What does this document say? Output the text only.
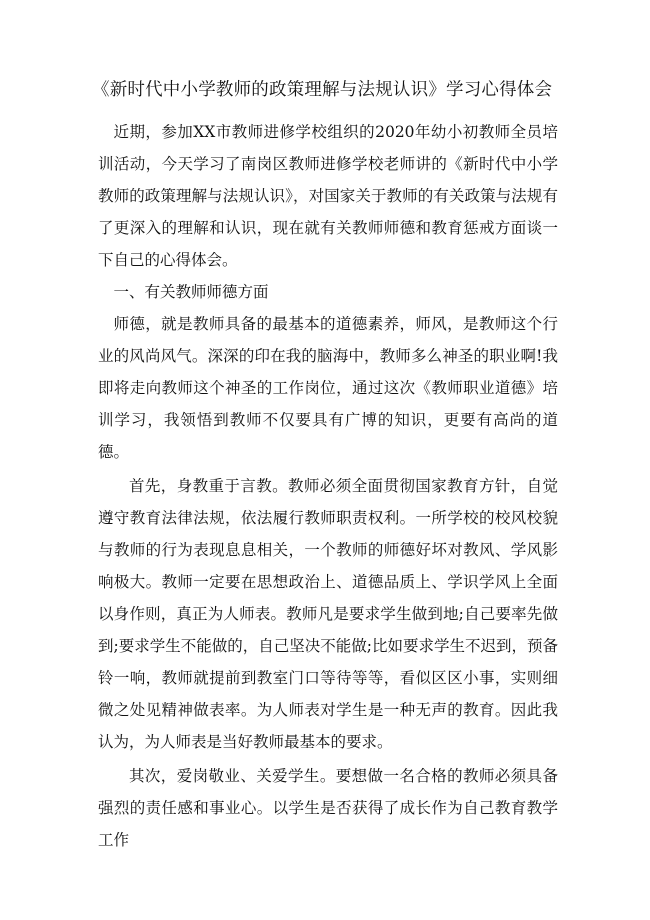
《新时代中小学教师的政策理解与法规认识》学习心得体会

近期，参加XX市教师进修学校组织的2020年幼小初教师全员培训活动，今天学习了南岗区教师进修学校老师讲的《新时代中小学教师的政策理解与法规认识》，对国家关于教师的有关政策与法规有了更深入的理解和认识，现在就有关教师师德和教育惩戒方面谈一下自己的心得体会。

一、有关教师师德方面

师德，就是教师具备的最基本的道德素养，师风，是教师这个行业的风尚风气。深深的印在我的脑海中，教师多么神圣的职业啊!我即将走向教师这个神圣的工作岗位，通过这次《教师职业道德》培训学习，我领悟到教师不仅要具有广博的知识，更要有高尚的道德。

首先，身教重于言教。教师必须全面贯彻国家教育方针，自觉遵守教育法律法规，依法履行教师职责权利。一所学校的校风校貌与教师的行为表现息息相关，一个教师的师德好坏对教风、学风影响极大。教师一定要在思想政治上、道德品质上、学识学风上全面以身作则，真正为人师表。教师凡是要求学生做到地;自己要率先做到;要求学生不能做的，自己坚决不能做;比如要求学生不迟到，预备铃一响，教师就提前到教室门口等待等等，看似区区小事，实则细微之处见精神做表率。为人师表对学生是一种无声的教育。因此我认为，为人师表是当好教师最基本的要求。

其次，爱岗敬业、关爱学生。要想做一名合格的教师必须具备强烈的责任感和事业心。以学生是否获得了成长作为自己教育教学工作
